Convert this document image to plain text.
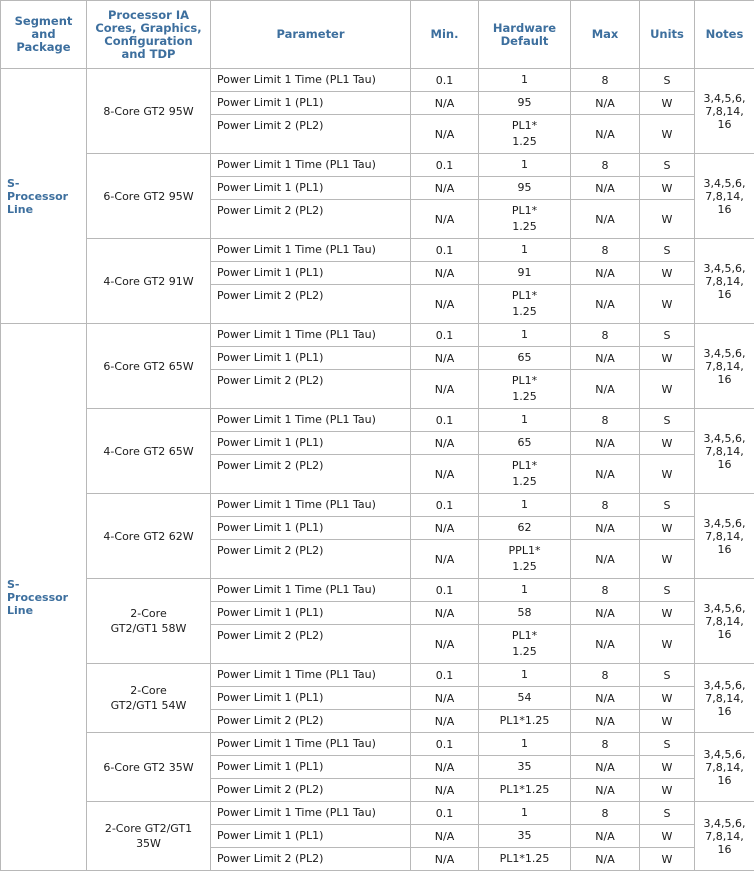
Segment
and
Package	Processor IA
Cores, Graphics,
Configuration
and TDP	Parameter	Min.	Hardware
Default	Max	Units	Notes
S-
Processor
Line	8-Core GT2 95W	Power Limit 1 Time (PL1 Tau)	0.1	1	8	S	3,4,5,6,
7,8,14,
16
		Power Limit 1 (PL1)	N/A	95	N/A	W	
		Power Limit 2 (PL2)	N/A	PL1*
1.25	N/A	W	
	6-Core GT2 95W	Power Limit 1 Time (PL1 Tau)	0.1	1	8	S	3,4,5,6,
7,8,14,
16
		Power Limit 1 (PL1)	N/A	95	N/A	W	
		Power Limit 2 (PL2)	N/A	PL1*
1.25	N/A	W	
	4-Core GT2 91W	Power Limit 1 Time (PL1 Tau)	0.1	1	8	S	3,4,5,6,
7,8,14,
16
		Power Limit 1 (PL1)	N/A	91	N/A	W	
		Power Limit 2 (PL2)	N/A	PL1*
1.25	N/A	W	
S-
Processor
Line	6-Core GT2 65W	Power Limit 1 Time (PL1 Tau)	0.1	1	8	S	3,4,5,6,
7,8,14,
16
		Power Limit 1 (PL1)	N/A	65	N/A	W	
		Power Limit 2 (PL2)	N/A	PL1*
1.25	N/A	W	
	4-Core GT2 65W	Power Limit 1 Time (PL1 Tau)	0.1	1	8	S	3,4,5,6,
7,8,14,
16
		Power Limit 1 (PL1)	N/A	65	N/A	W	
		Power Limit 2 (PL2)	N/A	PL1*
1.25	N/A	W	
	4-Core GT2 62W	Power Limit 1 Time (PL1 Tau)	0.1	1	8	S	3,4,5,6,
7,8,14,
16
		Power Limit 1 (PL1)	N/A	62	N/A	W	
		Power Limit 2 (PL2)	N/A	PPL1*
1.25	N/A	W	
	2-Core
GT2/GT1 58W	Power Limit 1 Time (PL1 Tau)	0.1	1	8	S	3,4,5,6,
7,8,14,
16
		Power Limit 1 (PL1)	N/A	58	N/A	W	
		Power Limit 2 (PL2)	N/A	PL1*
1.25	N/A	W	
	2-Core
GT2/GT1 54W	Power Limit 1 Time (PL1 Tau)	0.1	1	8	S	3,4,5,6,
7,8,14,
16
		Power Limit 1 (PL1)	N/A	54	N/A	W	
		Power Limit 2 (PL2)	N/A	PL1*1.25	N/A	W	
	6-Core GT2 35W	Power Limit 1 Time (PL1 Tau)	0.1	1	8	S	3,4,5,6,
7,8,14,
16
		Power Limit 1 (PL1)	N/A	35	N/A	W	
		Power Limit 2 (PL2)	N/A	PL1*1.25	N/A	W	
	2-Core GT2/GT1
35W	Power Limit 1 Time (PL1 Tau)	0.1	1	8	S	3,4,5,6,
7,8,14,
16
		Power Limit 1 (PL1)	N/A	35	N/A	W	
		Power Limit 2 (PL2)	N/A	PL1*1.25	N/A	W	
